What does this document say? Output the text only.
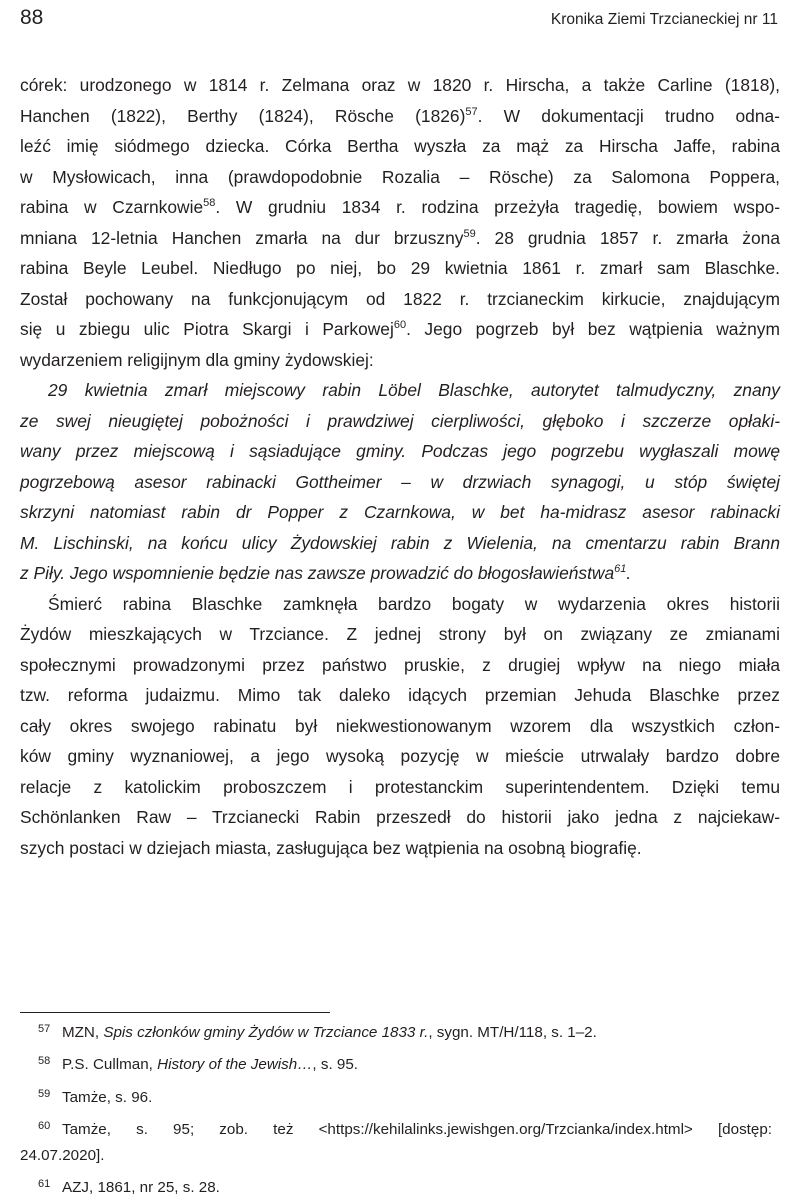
88	Kronika Ziemi Trzcianeckiej nr 11

córek: urodzonego w 1814 r. Zelmana oraz w 1820 r. Hirscha, a także Carline (1818),

Hanchen (1822), Berthy (1824), Rösche $(1826)^{57}$. W dokumentacji trudno odna-

leźć imię siódmego dziecka. Córka Bertha wyszła za mąż za Hirscha Jaffe, rabina

w Mysłowicach, inna (prawdopodobnie Rozalia – Rösche) za Salomona Poppera,

rabina w Czarnkowie$^{58}$. W grudniu 1834 r. rodzina przeżyła tragedię, bowiem wspo-

mniana 12-letnia Hanchen zmarła na dur brzuszny$^{59}$. 28 grudnia 1857 r. zmarła żona

rabina Beyle Leubel. Niedługo po niej, bo 29 kwietnia 1861 r. zmarł sam Blaschke.

Został pochowany na funkcjonującym od 1822 r. trzcianeckim kirkucie, znajdującym

się u zbiegu ulic Piotra Skargi i Parkowej$^{60}$. Jego pogrzeb był bez wątpienia ważnym

wydarzeniem religijnym dla gminy żydowskiej:

29 kwietnia zmarł miejscowy rabin Löbel Blaschke, autorytet talmudyczny, znany

ze swej nieugiętej pobożności i prawdziwej cierpliwości, głęboko i szczerze opłaki-

wany przez miejscową i sąsiadujące gminy. Podczas jego pogrzebu wygłaszali mowę

pogrzebową asesor rabinacki Gottheimer – w drzwiach synagogi, u stóp świętej

skrzyni natomiast rabin dr Popper z Czarnkowa, w bet ha-midrasz asesor rabinacki

M. Lischinski, na końcu ulicy Żydowskiej rabin z Wielenia, na cmentarzu rabin Brann

z Piły. Jego wspomnienie będzie nas zawsze prowadzić do błogosławieństwa$^{61}$.

Śmierć rabina Blaschke zamknęła bardzo bogaty w wydarzenia okres historii

Żydów mieszkających w Trzciance. Z jednej strony był on związany ze zmianami

społecznymi prowadzonymi przez państwo pruskie, z drugiej wpływ na niego miała

tzw. reforma judaizmu. Mimo tak daleko idących przemian Jehuda Blaschke przez

cały okres swojego rabinatu był niekwestionowanym wzorem dla wszystkich człon-

ków gminy wyznaniowej, a jego wysoką pozycję w mieście utrwalały bardzo dobre

relacje z katolickim proboszczem i protestanckim superintendentem. Dzięki temu

Schönlanken Raw – Trzcianecki Rabin przeszedł do historii jako jedna z najciekaw-

szych postaci w dziejach miasta, zasługująca bez wątpienia na osobną biografię.

57 MZN, Spis członków gminy Żydów w Trzciance 1833 r., sygn. MT/H/118, s. 1–2.
58 P.S. Cullman, History of the Jewish…, s. 95.
59 Tamże, s. 96.
60 Tamże, s. 95; zob. też <https://kehilalinks.jewishgen.org/Trzcianka/index.html> [dostęp:
24.07.2020].
61 AZJ, 1861, nr 25, s. 28.
